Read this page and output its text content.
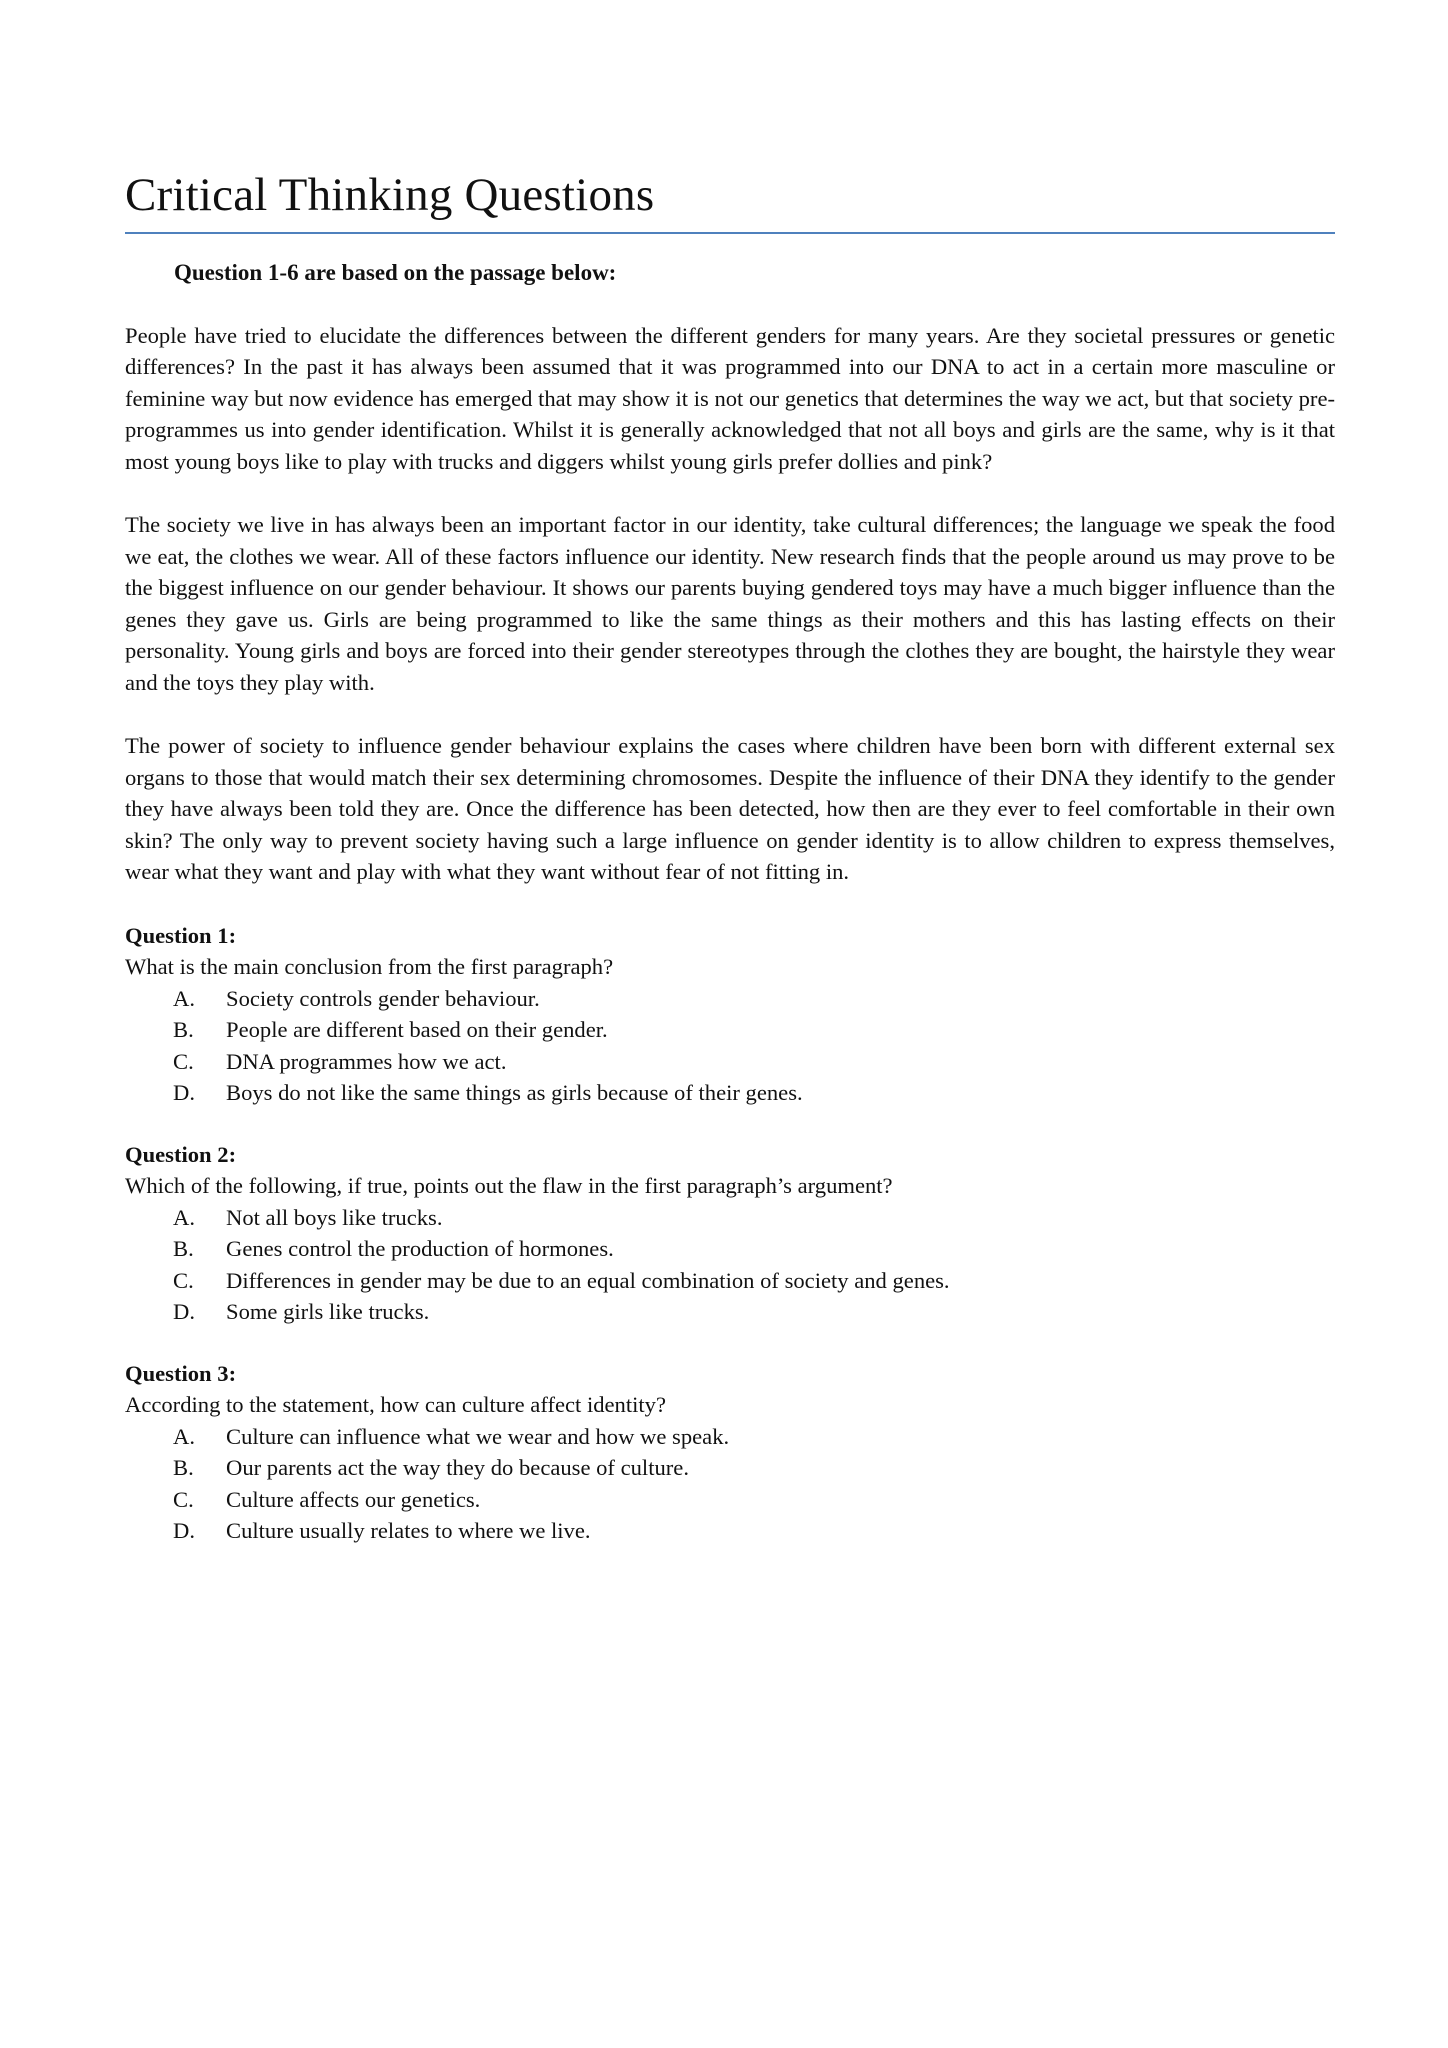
Critical Thinking Questions
Question 1-6 are based on the passage below:

People have tried to elucidate the differences between the different genders for many years. Are they societal pressures or genetic differences? In the past it has always been assumed that it was programmed into our DNA to act in a certain more masculine or feminine way but now evidence has emerged that may show it is not our genetics that determines the way we act, but that society pre-programmes us into gender identification. Whilst it is generally acknowledged that not all boys and girls are the same, why is it that most young boys like to play with trucks and diggers whilst young girls prefer dollies and pink?

The society we live in has always been an important factor in our identity, take cultural differences; the language we speak the food we eat, the clothes we wear. All of these factors influence our identity. New research finds that the people around us may prove to be the biggest influence on our gender behaviour. It shows our parents buying gendered toys may have a much bigger influence than the genes they gave us. Girls are being programmed to like the same things as their mothers and this has lasting effects on their personality. Young girls and boys are forced into their gender stereotypes through the clothes they are bought, the hairstyle they wear and the toys they play with.

The power of society to influence gender behaviour explains the cases where children have been born with different external sex organs to those that would match their sex determining chromosomes. Despite the influence of their DNA they identify to the gender they have always been told they are. Once the difference has been detected, how then are they ever to feel comfortable in their own skin? The only way to prevent society having such a large influence on gender identity is to allow children to express themselves, wear what they want and play with what they want without fear of not fitting in.

Question 1:
What is the main conclusion from the first paragraph?
A.	Society controls gender behaviour.
B.	People are different based on their gender.
C.	DNA programmes how we act.
D.	Boys do not like the same things as girls because of their genes.
Question 2:
Which of the following, if true, points out the flaw in the first paragraph’s argument?
A.	Not all boys like trucks.
B.	Genes control the production of hormones.
C.	Differences in gender may be due to an equal combination of society and genes.
D.	Some girls like trucks.
Question 3:
According to the statement, how can culture affect identity?
A.	Culture can influence what we wear and how we speak.
B.	Our parents act the way they do because of culture.
C.	Culture affects our genetics.
D.	Culture usually relates to where we live.
